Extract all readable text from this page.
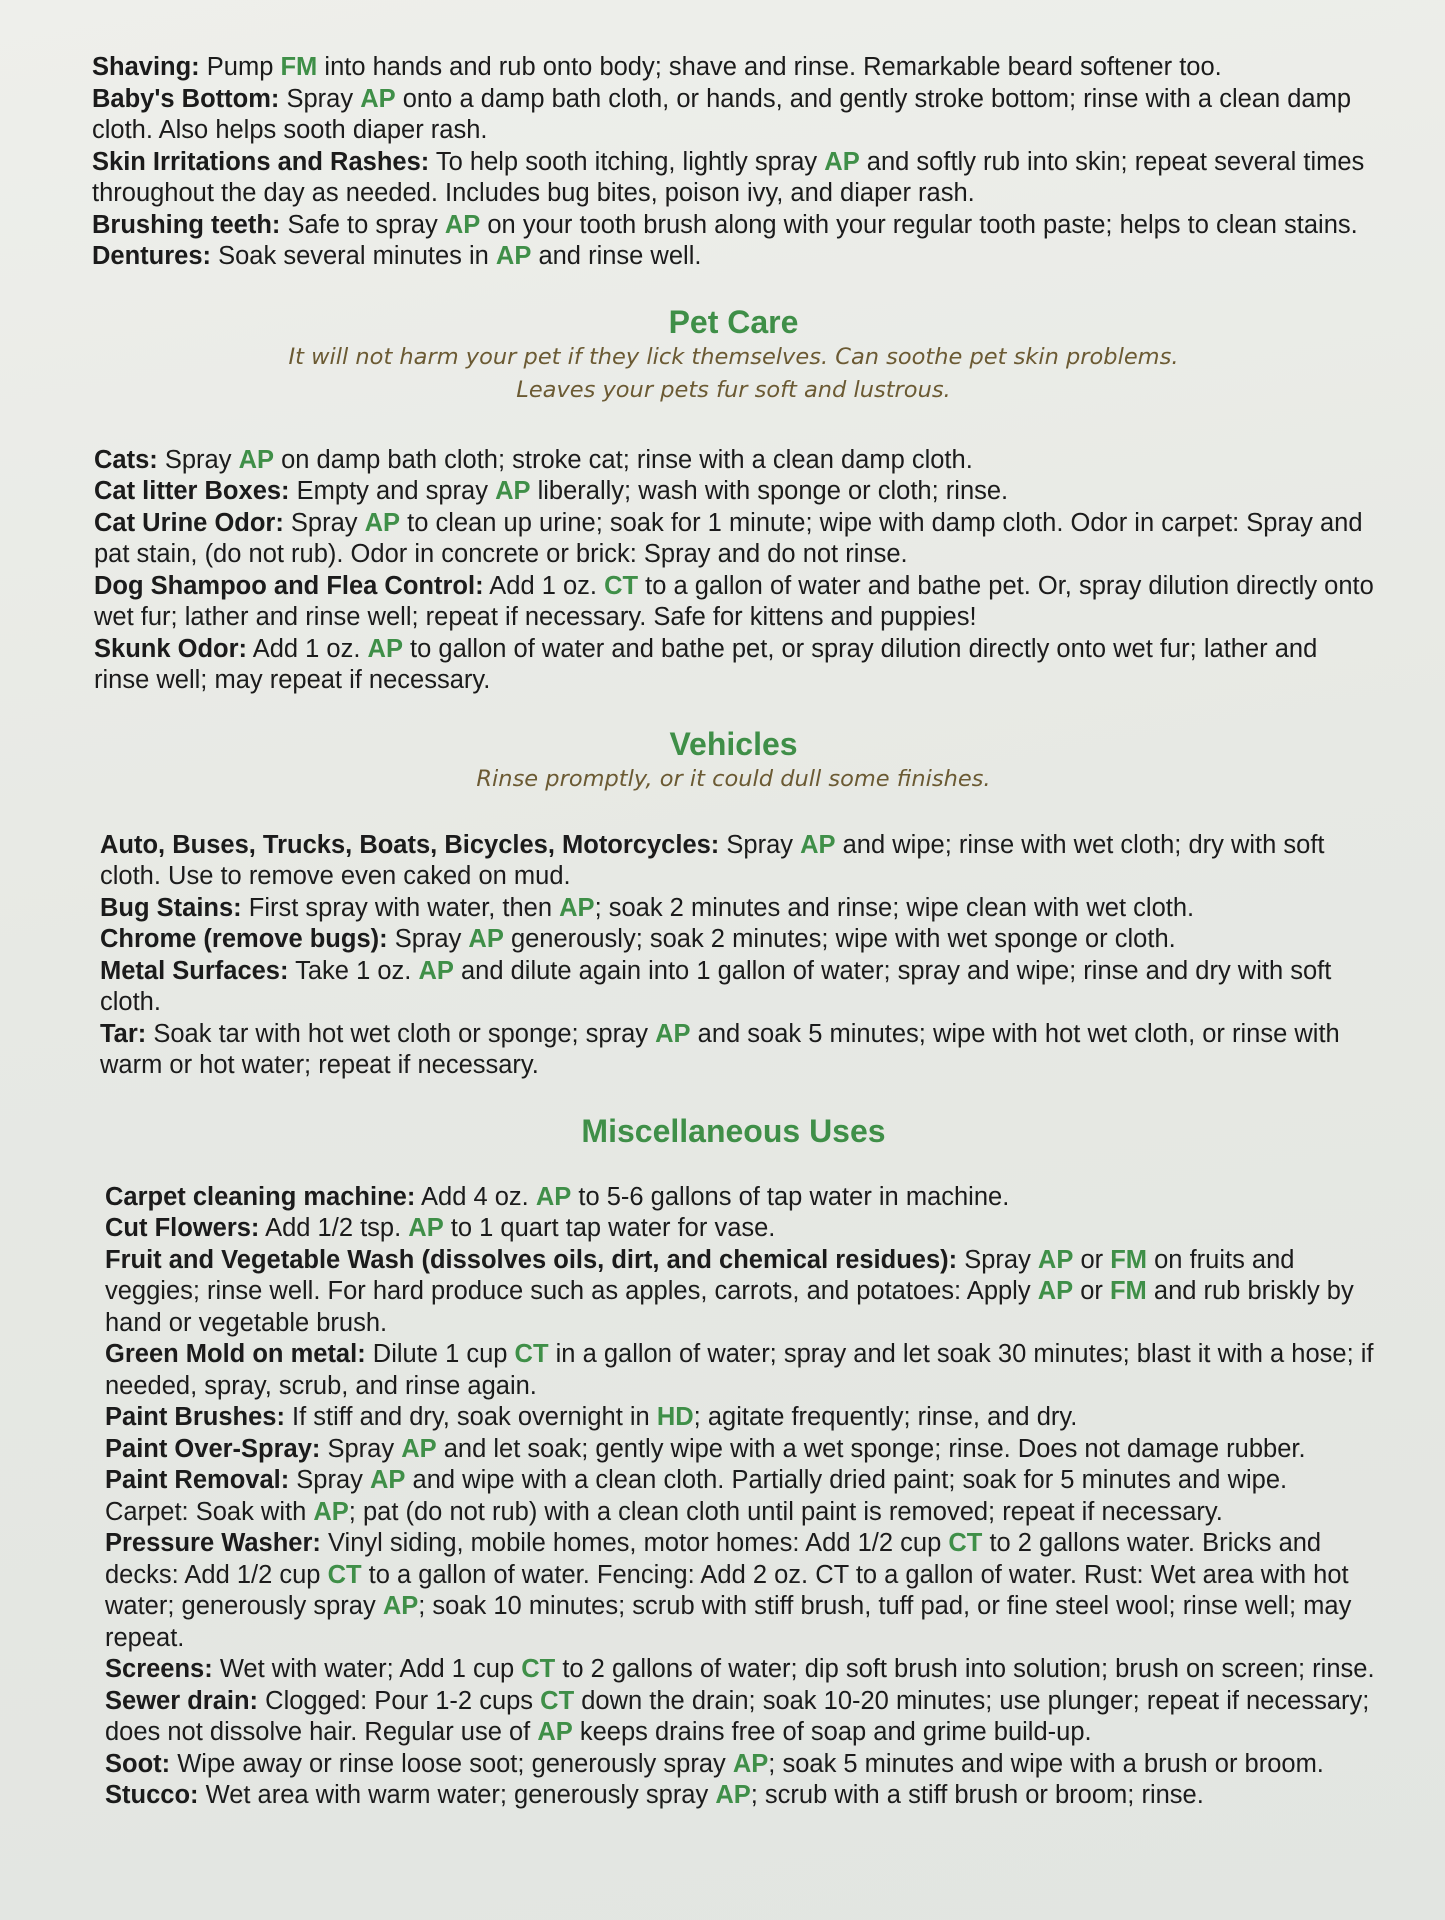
Shaving: Pump FM into hands and rub onto body; shave and rinse. Remarkable beard softener too.

Baby's Bottom: Spray AP onto a damp bath cloth, or hands, and gently stroke bottom; rinse with a clean damp cloth. Also helps sooth diaper rash.

Skin Irritations and Rashes: To help sooth itching, lightly spray AP and softly rub into skin; repeat several times throughout the day as needed. Includes bug bites, poison ivy, and diaper rash.

Brushing teeth: Safe to spray AP on your tooth brush along with your regular tooth paste; helps to clean stains.

Dentures: Soak several minutes in AP and rinse well.

Pet Care

It will not harm your pet if they lick themselves. Can soothe pet skin problems.

Leaves your pets fur soft and lustrous.

Cats: Spray AP on damp bath cloth; stroke cat; rinse with a clean damp cloth.

Cat litter Boxes: Empty and spray AP liberally; wash with sponge or cloth; rinse.

Cat Urine Odor: Spray AP to clean up urine; soak for 1 minute; wipe with damp cloth. Odor in carpet: Spray and pat stain, (do not rub). Odor in concrete or brick: Spray and do not rinse.

Dog Shampoo and Flea Control: Add 1 oz. CT to a gallon of water and bathe pet. Or, spray dilution directly onto wet fur; lather and rinse well; repeat if necessary. Safe for kittens and puppies!

Skunk Odor: Add 1 oz. AP to gallon of water and bathe pet, or spray dilution directly onto wet fur; lather and rinse well; may repeat if necessary.

Vehicles

Rinse promptly, or it could dull some finishes.

Auto, Buses, Trucks, Boats, Bicycles, Motorcycles: Spray AP and wipe; rinse with wet cloth; dry with soft cloth. Use to remove even caked on mud.

Bug Stains: First spray with water, then AP; soak 2 minutes and rinse; wipe clean with wet cloth.

Chrome (remove bugs): Spray AP generously; soak 2 minutes; wipe with wet sponge or cloth.

Metal Surfaces: Take 1 oz. AP and dilute again into 1 gallon of water; spray and wipe; rinse and dry with soft cloth.

Tar: Soak tar with hot wet cloth or sponge; spray AP and soak 5 minutes; wipe with hot wet cloth, or rinse with warm or hot water; repeat if necessary.

Miscellaneous Uses

Carpet cleaning machine: Add 4 oz. AP to 5-6 gallons of tap water in machine.

Cut Flowers: Add 1/2 tsp. AP to 1 quart tap water for vase.

Fruit and Vegetable Wash (dissolves oils, dirt, and chemical residues): Spray AP or FM on fruits and veggies; rinse well. For hard produce such as apples, carrots, and potatoes: Apply AP or FM and rub briskly by hand or vegetable brush.

Green Mold on metal: Dilute 1 cup CT in a gallon of water; spray and let soak 30 minutes; blast it with a hose; if needed, spray, scrub, and rinse again.

Paint Brushes: If stiff and dry, soak overnight in HD; agitate frequently; rinse, and dry.

Paint Over-Spray: Spray AP and let soak; gently wipe with a wet sponge; rinse. Does not damage rubber.

Paint Removal: Spray AP and wipe with a clean cloth. Partially dried paint; soak for 5 minutes and wipe. Carpet: Soak with AP; pat (do not rub) with a clean cloth until paint is removed; repeat if necessary.

Pressure Washer: Vinyl siding, mobile homes, motor homes: Add 1/2 cup CT to 2 gallons water. Bricks and decks: Add 1/2 cup CT to a gallon of water. Fencing: Add 2 oz. CT to a gallon of water. Rust: Wet area with hot water; generously spray AP; soak 10 minutes; scrub with stiff brush, tuff pad, or fine steel wool; rinse well; may repeat.

Screens: Wet with water; Add 1 cup CT to 2 gallons of water; dip soft brush into solution; brush on screen; rinse.

Sewer drain: Clogged: Pour 1-2 cups CT down the drain; soak 10-20 minutes; use plunger; repeat if necessary; does not dissolve hair. Regular use of AP keeps drains free of soap and grime build-up.

Soot: Wipe away or rinse loose soot; generously spray AP; soak 5 minutes and wipe with a brush or broom.

Stucco: Wet area with warm water; generously spray AP; scrub with a stiff brush or broom; rinse.
